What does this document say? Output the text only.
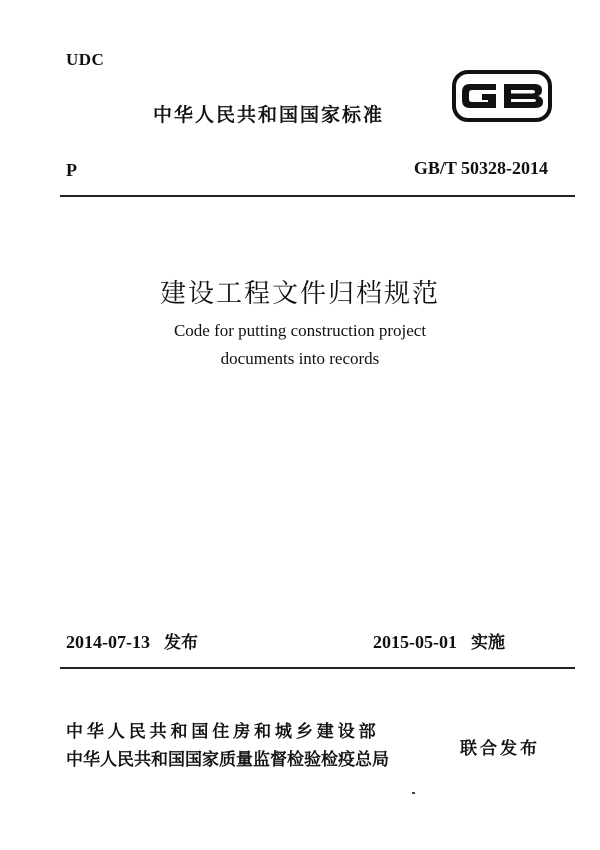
UDC
中华人民共和国国家标准
P	GB/T 50328-2014
建设工程文件归档规范
Code for putting construction project
documents into records
2014-07-13 发布	2015-05-01 实施
中华人民共和国住房和城乡建设部
中华人民共和国国家质量监督检验检疫总局
联合发布
